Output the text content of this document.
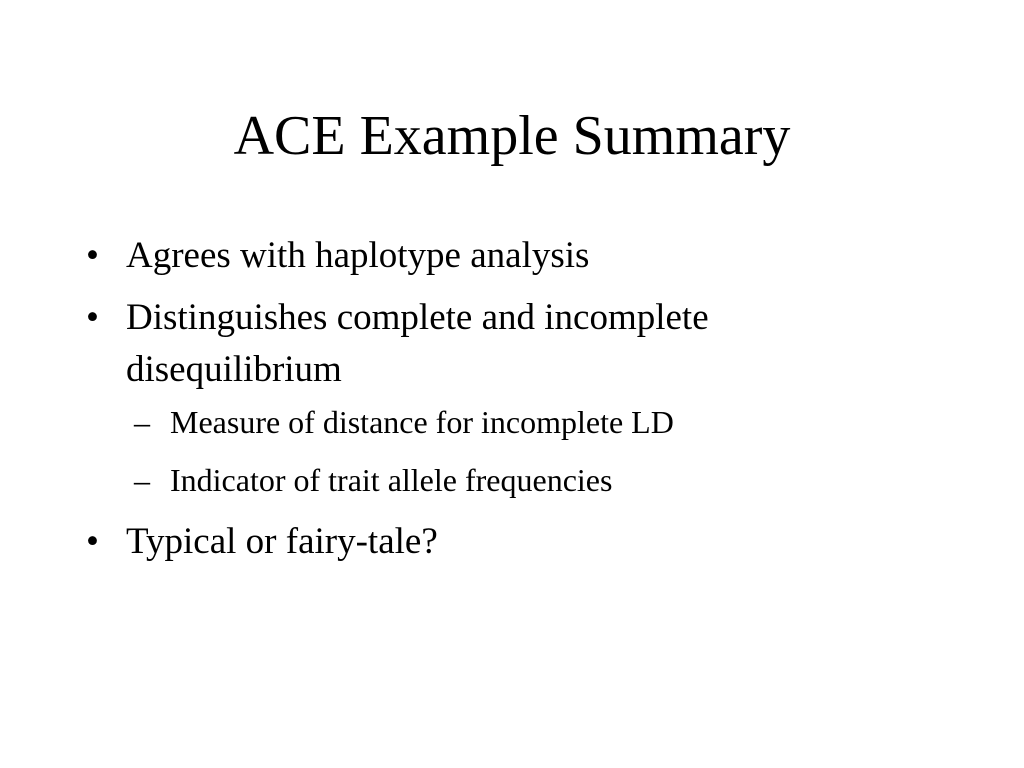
ACE Example Summary

• Agrees with haplotype analysis

• Distinguishes complete and incomplete disequilibrium

– Measure of distance for incomplete LD

– Indicator of trait allele frequencies

• Typical or fairy-tale?
